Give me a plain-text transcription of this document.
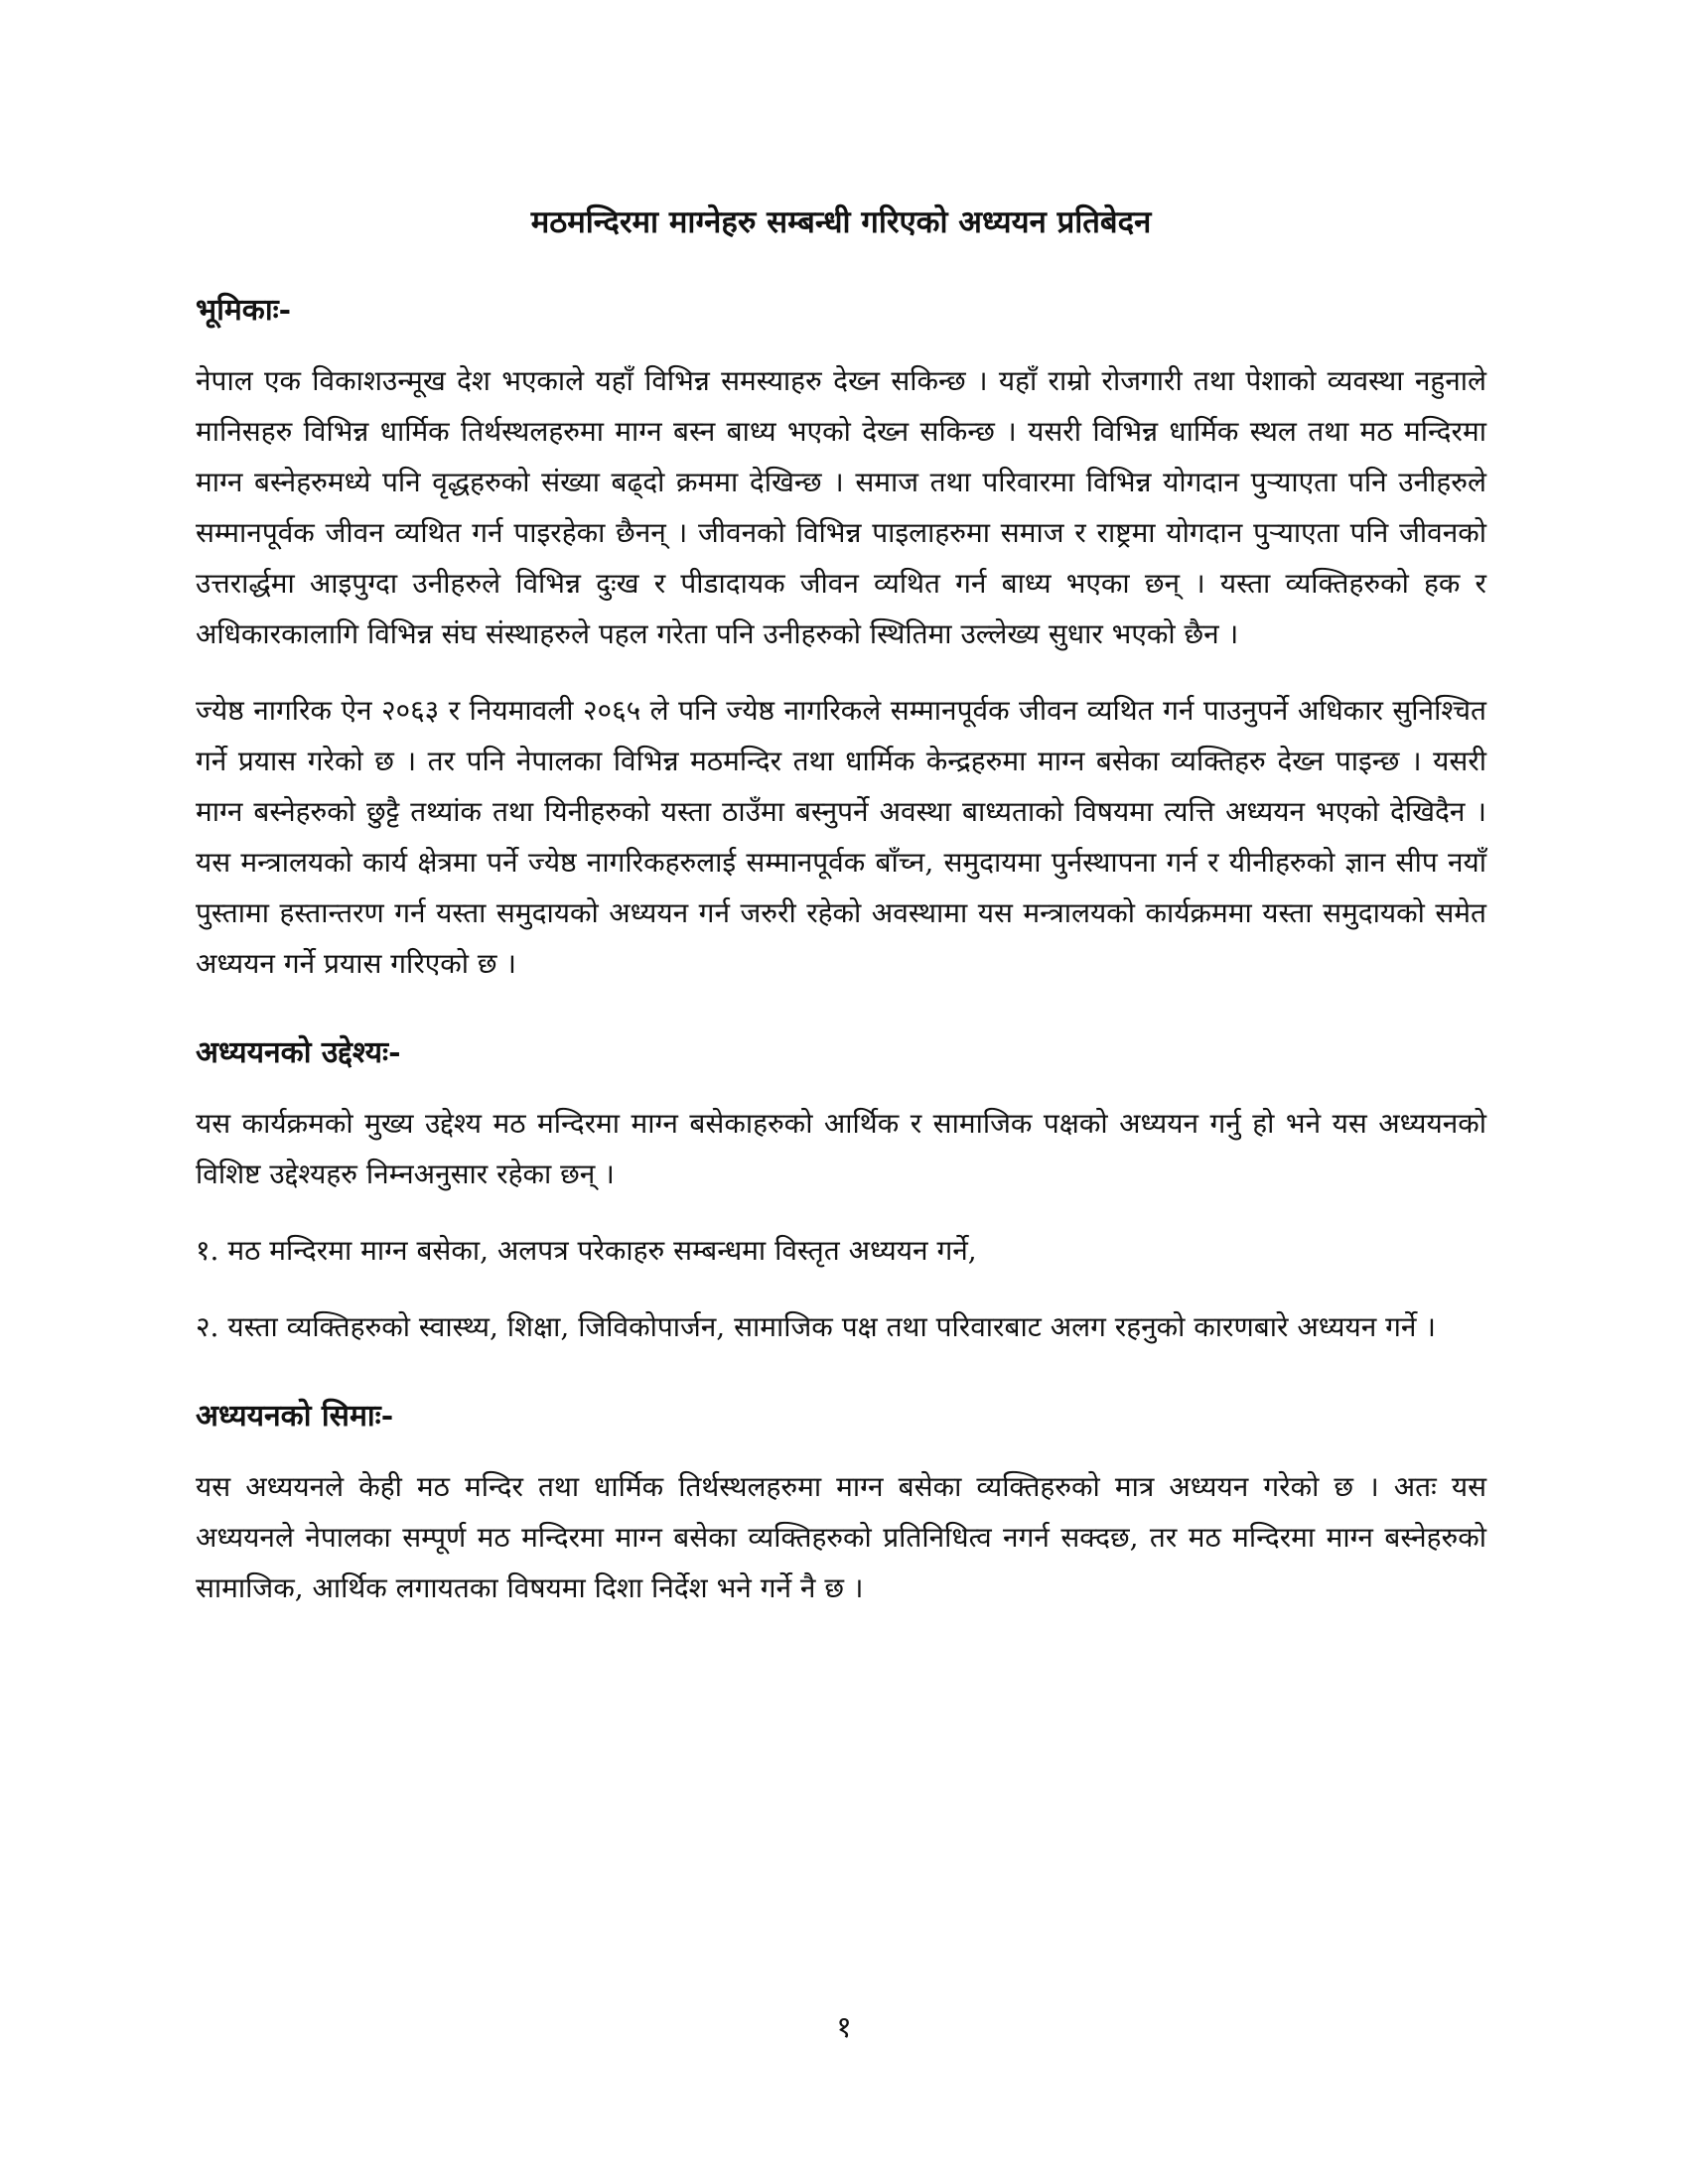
मठमन्दिरमा माग्नेहरु सम्बन्धी गरिएको अध्ययन प्रतिबेदन
भूमिकाः-

नेपाल एक विकाशउन्मूख देश भएकाले यहाँ विभिन्न समस्याहरु देख्न सकिन्छ । यहाँ राम्रो रोजगारी तथा पेशाको व्यवस्था नहुनाले मानिसहरु विभिन्न धार्मिक तिर्थस्थलहरुमा माग्न बस्न बाध्य भएको देख्न सकिन्छ । यसरी विभिन्न धार्मिक स्थल तथा मठ मन्दिरमा माग्न बस्नेहरुमध्ये पनि वृद्धहरुको संख्या बढ्दो क्रममा देखिन्छ । समाज तथा परिवारमा विभिन्न योगदान पुऱ्याएता पनि उनीहरुले सम्मानपूर्वक जीवन व्यथित गर्न पाइरहेका छैनन् । जीवनको विभिन्न पाइलाहरुमा समाज र राष्ट्रमा योगदान पुऱ्याएता पनि जीवनको उत्तरार्द्धमा आइपुग्दा उनीहरुले विभिन्न दुःख र पीडादायक जीवन व्यथित गर्न बाध्य भएका छन् । यस्ता व्यक्तिहरुको हक र अधिकारकालागि विभिन्न संघ संस्थाहरुले पहल गरेता पनि उनीहरुको स्थितिमा उल्लेख्य सुधार भएको छैन ।

ज्येष्ठ नागरिक ऐन २०६३ र नियमावली २०६५ ले पनि ज्येष्ठ नागरिकले सम्मानपूर्वक जीवन व्यथित गर्न पाउनुपर्ने अधिकार सुनिश्चित गर्ने प्रयास गरेको छ । तर पनि नेपालका विभिन्न मठमन्दिर तथा धार्मिक केन्द्रहरुमा माग्न बसेका व्यक्तिहरु देख्न पाइन्छ । यसरी माग्न बस्नेहरुको छुट्टै तथ्यांक तथा यिनीहरुको यस्ता ठाउँमा बस्नुपर्ने अवस्था बाध्यताको विषयमा त्यत्ति अध्ययन भएको देखिदैन । यस मन्त्रालयको कार्य क्षेत्रमा पर्ने ज्येष्ठ नागरिकहरुलाई सम्मानपूर्वक बाँच्न, समुदायमा पुर्नस्थापना गर्न र यीनीहरुको ज्ञान सीप नयाँ पुस्तामा हस्तान्तरण गर्न यस्ता समुदायको अध्ययन गर्न जरुरी रहेको अवस्थामा यस मन्त्रालयको कार्यक्रममा यस्ता समुदायको समेत अध्ययन गर्ने प्रयास गरिएको छ ।

अध्ययनको उद्देश्यः-

यस कार्यक्रमको मुख्य उद्देश्य मठ मन्दिरमा माग्न बसेकाहरुको आर्थिक र सामाजिक पक्षको अध्ययन गर्नु हो भने यस अध्ययनको विशिष्ट उद्देश्यहरु निम्नअनुसार रहेका छन् ।

१. मठ मन्दिरमा माग्न बसेका, अलपत्र परेकाहरु सम्बन्धमा विस्तृत अध्ययन गर्ने,

२. यस्ता व्यक्तिहरुको स्वास्थ्य, शिक्षा, जिविकोपार्जन, सामाजिक पक्ष तथा परिवारबाट अलग रहनुको कारणबारे अध्ययन गर्ने ।

अध्ययनको सिमाः-

यस अध्ययनले केही मठ मन्दिर तथा धार्मिक तिर्थस्थलहरुमा माग्न बसेका व्यक्तिहरुको मात्र अध्ययन गरेको छ । अतः यस अध्ययनले नेपालका सम्पूर्ण मठ मन्दिरमा माग्न बसेका व्यक्तिहरुको प्रतिनिधित्व नगर्न सक्दछ, तर मठ मन्दिरमा माग्न बस्नेहरुको सामाजिक, आर्थिक लगायतका विषयमा दिशा निर्देश भने गर्ने नै छ ।

१
